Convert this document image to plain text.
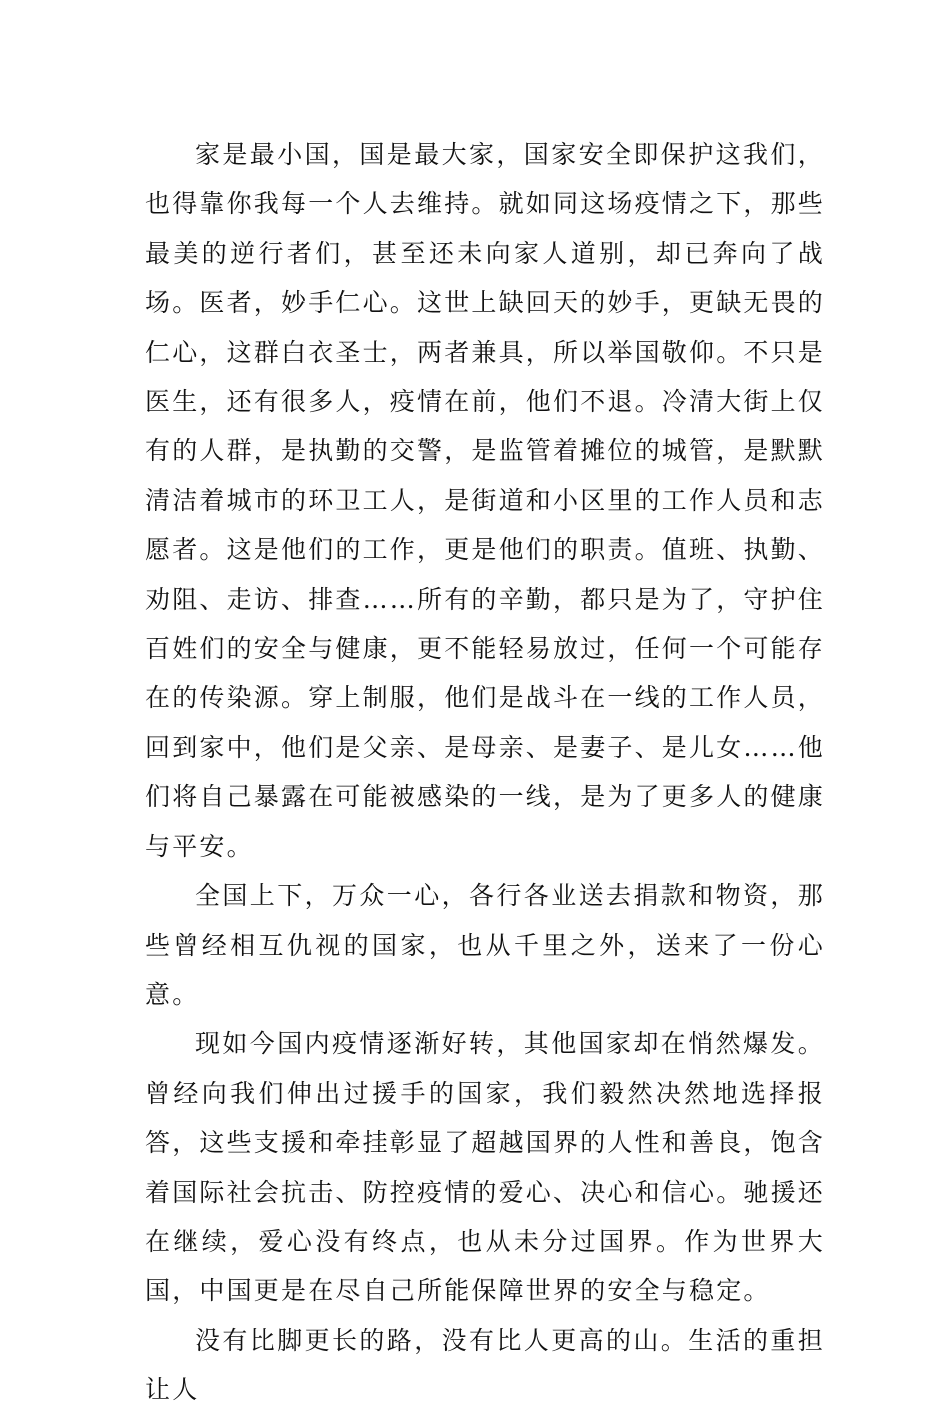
家是最小国，国是最大家，国家安全即保护这我们，也得靠你我每一个人去维持。就如同这场疫情之下，那些最美的逆行者们，甚至还未向家人道别，却已奔向了战场。医者，妙手仁心。这世上缺回天的妙手，更缺无畏的仁心，这群白衣圣士，两者兼具，所以举国敬仰。不只是医生，还有很多人，疫情在前，他们不退。冷清大街上仅有的人群，是执勤的交警，是监管着摊位的城管，是默默清洁着城市的环卫工人，是街道和小区里的工作人员和志愿者。这是他们的工作，更是他们的职责。值班、执勤、劝阻、走访、排查……所有的辛勤，都只是为了，守护住百姓们的安全与健康，更不能轻易放过，任何一个可能存在的传染源。穿上制服，他们是战斗在一线的工作人员，回到家中，他们是父亲、是母亲、是妻子、是儿女……他们将自己暴露在可能被感染的一线，是为了更多人的健康与平安。

全国上下，万众一心，各行各业送去捐款和物资，那些曾经相互仇视的国家，也从千里之外，送来了一份心意。

现如今国内疫情逐渐好转，其他国家却在悄然爆发。曾经向我们伸出过援手的国家，我们毅然决然地选择报答，这些支援和牵挂彰显了超越国界的人性和善良，饱含着国际社会抗击、防控疫情的爱心、决心和信心。驰援还在继续，爱心没有终点，也从未分过国界。作为世界大国，中国更是在尽自己所能保障世界的安全与稳定。

没有比脚更长的路，没有比人更高的山。生活的重担让人
